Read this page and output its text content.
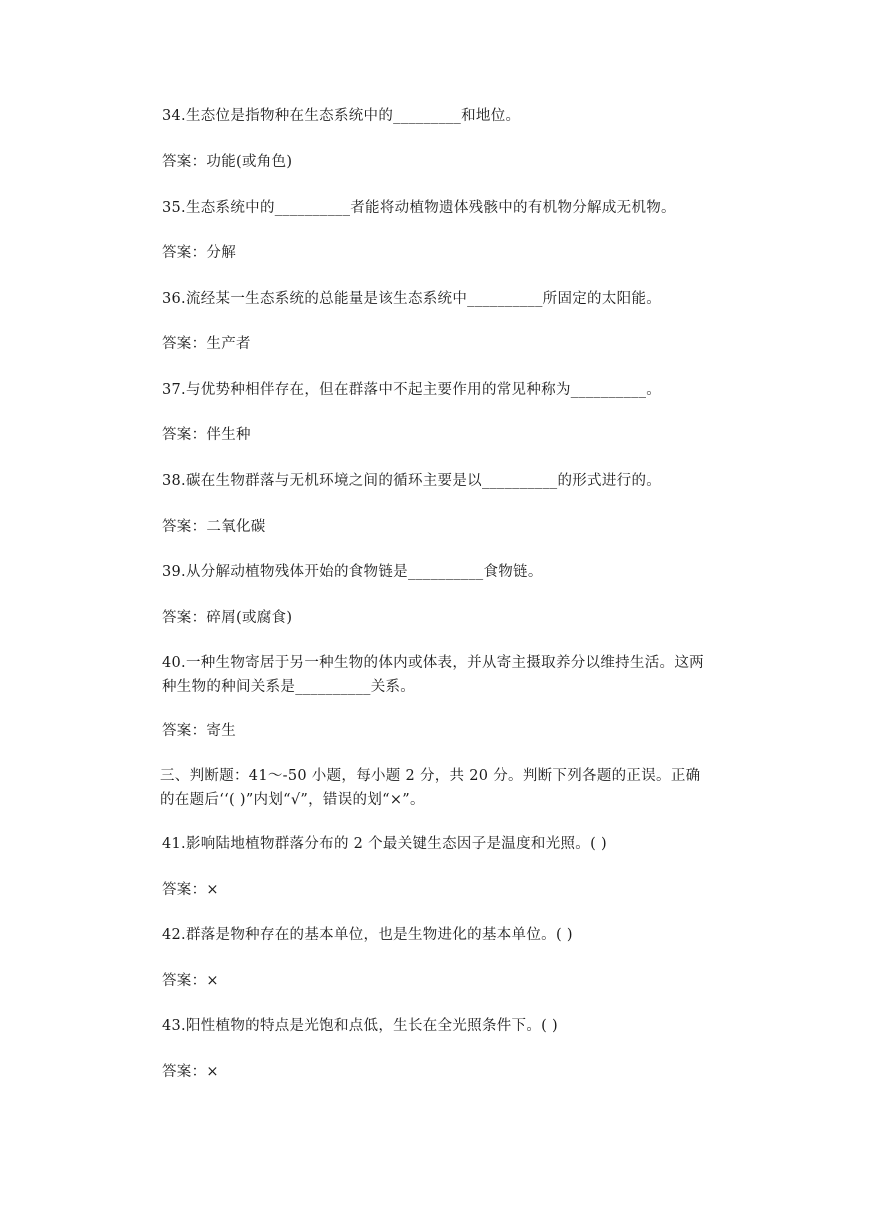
34.生态位是指物种在生态系统中的_________和地位。
答案：功能(或角色)
35.生态系统中的__________者能将动植物遗体残骸中的有机物分解成无机物。
答案：分解
36.流经某一生态系统的总能量是该生态系统中__________所固定的太阳能。
答案：生产者
37.与优势种相伴存在，但在群落中不起主要作用的常见种称为__________。
答案：伴生种
38.碳在生物群落与无机环境之间的循环主要是以__________的形式进行的。
答案：二氧化碳
39.从分解动植物残体开始的食物链是__________食物链。
答案：碎屑(或腐食)
40.一种生物寄居于另一种生物的体内或体表，并从寄主摄取养分以维持生活。这两种生物的种间关系是__________关系。
答案：寄生
三、判断题：41～-50 小题，每小题 2 分，共 20 分。判断下列各题的正误。正确的在题后‘‘( )”内划“√”，错误的划“×”。
41.影响陆地植物群落分布的 2 个最关键生态因子是温度和光照。( )
答案：×
42.群落是物种存在的基本单位，也是生物进化的基本单位。( )
答案：×
43.阳性植物的特点是光饱和点低，生长在全光照条件下。( )
答案：×
